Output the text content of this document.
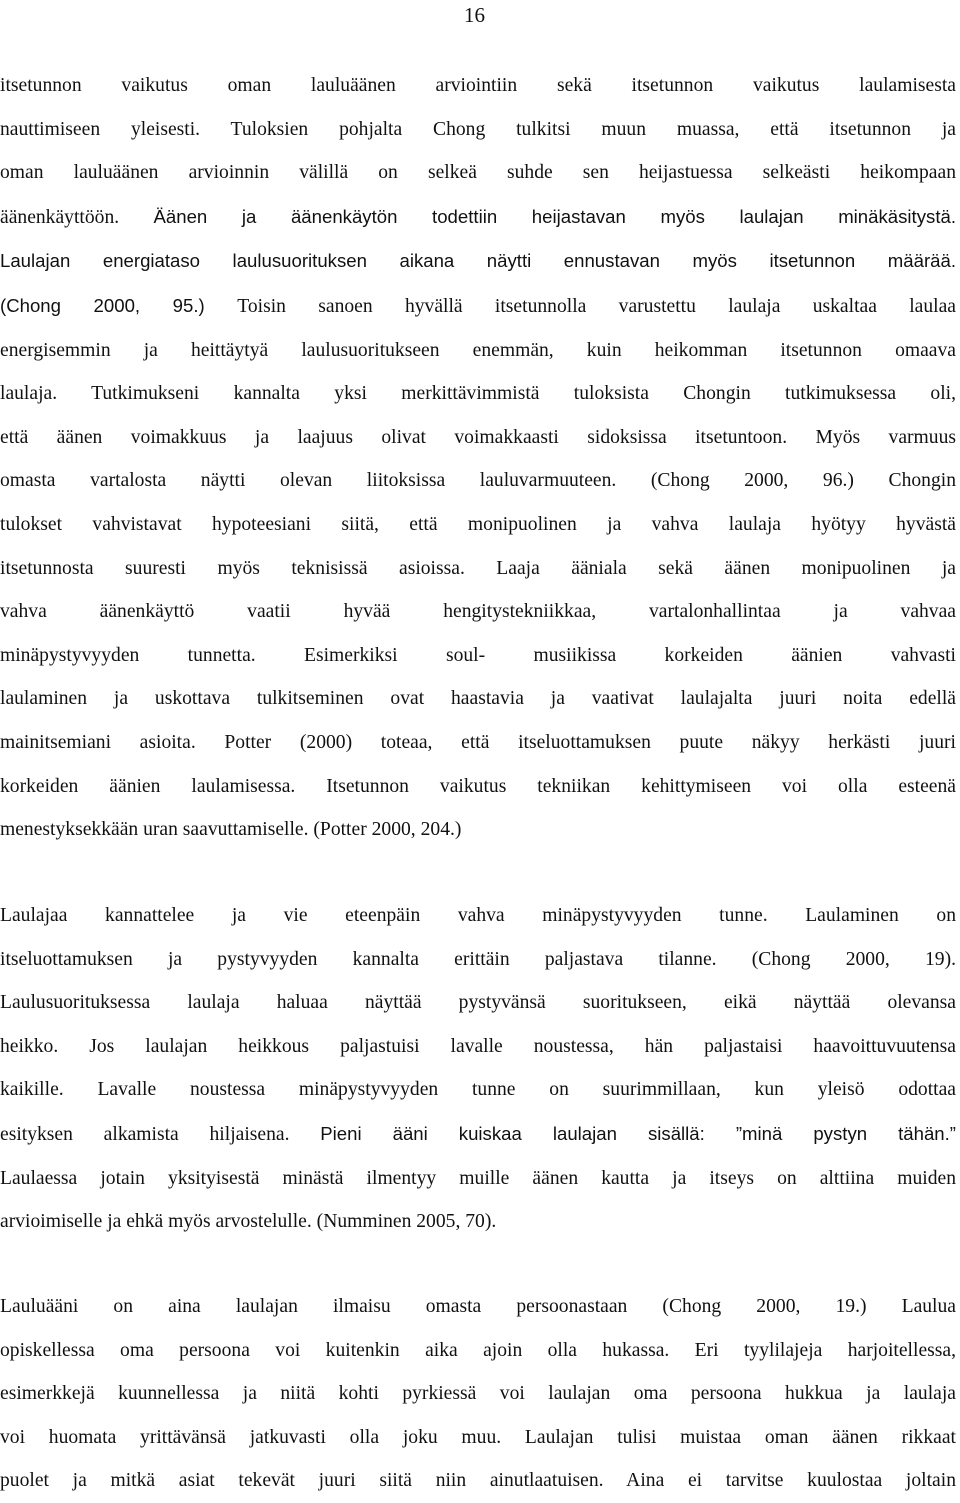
16
itsetunnon vaikutus oman lauluäänen arviointiin sekä itsetunnon vaikutus laulamisesta
nauttimiseen yleisesti. Tuloksien pohjalta Chong tulkitsi muun muassa, että itsetunnon ja
oman lauluäänen arvioinnin välillä on selkeä suhde sen heijastuessa selkeästi heikompaan
äänenkäyttöön. Äänen ja äänenkäytön todettiin heijastavan myös laulajan minäkäsitystä.
Laulajan energiataso laulusuorituksen aikana näytti ennustavan myös itsetunnon määrää.
(Chong 2000, 95.) Toisin sanoen hyvällä itsetunnolla varustettu laulaja uskaltaa laulaa
energisemmin ja heittäytyä laulusuoritukseen enemmän, kuin heikomman itsetunnon omaava
laulaja. Tutkimukseni kannalta yksi merkittävimmistä tuloksista Chongin tutkimuksessa oli,
että äänen voimakkuus ja laajuus olivat voimakkaasti sidoksissa itsetuntoon. Myös varmuus
omasta vartalosta näytti olevan liitoksissa lauluvarmuuteen. (Chong 2000, 96.) Chongin
tulokset vahvistavat hypoteesiani siitä, että monipuolinen ja vahva laulaja hyötyy hyvästä
itsetunnosta suuresti myös teknisissä asioissa. Laaja ääniala sekä äänen monipuolinen ja
vahva äänenkäyttö vaatii hyvää hengitystekniikkaa, vartalonhallintaa ja vahvaa
minäpystyvyyden tunnetta. Esimerkiksi soul- musiikissa korkeiden äänien vahvasti
laulaminen ja uskottava tulkitseminen ovat haastavia ja vaativat laulajalta juuri noita edellä
mainitsemiani asioita. Potter (2000) toteaa, että itseluottamuksen puute näkyy herkästi juuri
korkeiden äänien laulamisessa. Itsetunnon vaikutus tekniikan kehittymiseen voi olla esteenä
menestyksekkään uran saavuttamiselle. (Potter 2000, 204.)
Laulajaa kannattelee ja vie eteenpäin vahva minäpystyvyyden tunne. Laulaminen on
itseluottamuksen ja pystyvyyden kannalta erittäin paljastava tilanne. (Chong 2000, 19).
Laulusuorituksessa laulaja haluaa näyttää pystyvänsä suoritukseen, eikä näyttää olevansa
heikko. Jos laulajan heikkous paljastuisi lavalle noustessa, hän paljastaisi haavoittuvuutensa
kaikille. Lavalle noustessa minäpystyvyyden tunne on suurimmillaan, kun yleisö odottaa
esityksen alkamista hiljaisena. Pieni ääni kuiskaa laulajan sisällä: ”minä pystyn tähän.”
Laulaessa jotain yksityisestä minästä ilmentyy muille äänen kautta ja itseys on alttiina muiden
arvioimiselle ja ehkä myös arvostelulle. (Numminen 2005, 70).
Lauluääni on aina laulajan ilmaisu omasta persoonastaan (Chong 2000, 19.) Laulua
opiskellessa oma persoona voi kuitenkin aika ajoin olla hukassa. Eri tyylilajeja harjoitellessa,
esimerkkejä kuunnellessa ja niitä kohti pyrkiessä voi laulajan oma persoona hukkua ja laulaja
voi huomata yrittävänsä jatkuvasti olla joku muu. Laulajan tulisi muistaa oman äänen rikkaat
puolet ja mitkä asiat tekevät juuri siitä niin ainutlaatuisen. Aina ei tarvitse kuulostaa joltain
